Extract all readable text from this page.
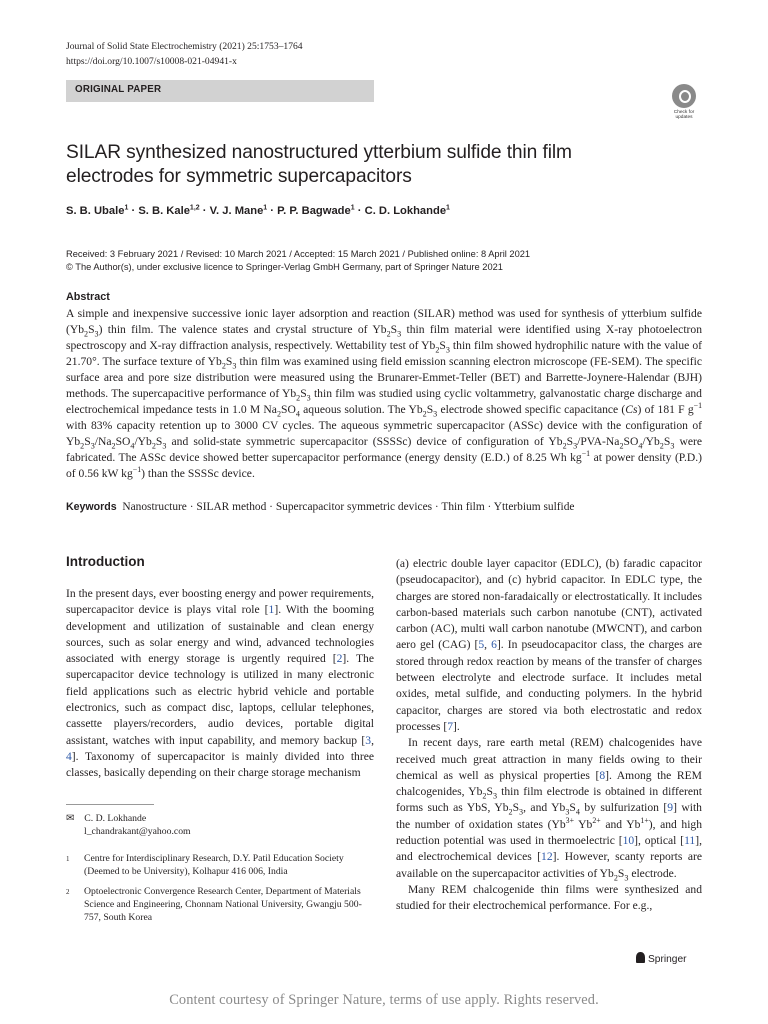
Journal of Solid State Electrochemistry (2021) 25:1753–1764
https://doi.org/10.1007/s10008-021-04941-x
ORIGINAL PAPER
Check for updates
SILAR synthesized nanostructured ytterbium sulfide thin film
electrodes for symmetric supercapacitors
S. B. Ubale$^1$ · S. B. Kale$^{1,2}$ · V. J. Mane$^1$ · P. P. Bagwade$^1$ · C. D. Lokhande$^1$
Received: 3 February 2021 / Revised: 10 March 2021 / Accepted: 15 March 2021 / Published online: 8 April 2021
© The Author(s), under exclusive licence to Springer-Verlag GmbH Germany, part of Springer Nature 2021
Abstract
A simple and inexpensive successive ionic layer adsorption and reaction (SILAR) method was used for synthesis of ytterbium sulfide $(Yb_2S_3)$ thin film. The valence states and crystal structure of $Yb_2S_3$ thin film material were identified using X-ray photoelectron spectroscopy and X-ray diffraction analysis, respectively. Wettability test of $Yb_2S_3$ thin film showed hydrophilic nature with the value of 21.70°. The surface texture of $Yb_2S_3$ thin film was examined using field emission scanning electron microscope (FE-SEM). The specific surface area and pore size distribution were measured using the Brunarer-Emmet-Teller (BET) and Barrette-Joynere-Halendar (BJH) methods. The supercapacitive performance of $Yb_2S_3$ thin film was studied using cyclic voltammetry, galvanostatic charge discharge and electrochemical impedance tests in 1.0 M $Na_2SO_4$ aqueous solution. The $Yb_2S_3$ electrode showed specific capacitance (Cs) of 181 F $g^{-1}$ with 83% capacity retention up to 3000 CV cycles. The aqueous symmetric supercapacitor (ASSc) device with the configuration of $Yb_2S_3/Na_2SO_4/Yb_2S_3$ and solid-state symmetric supercapacitor (SSSSc) device of configuration of $Yb_2S_3/PVA-Na_2SO_4/Yb_2S_3$ were fabricated. The ASSc device showed better supercapacitor performance (energy density (E.D.) of 8.25 Wh $kg^{-1}$ at power density (P.D.) of 0.56 kW $kg^{-1}$) than the SSSSc device.
Keywords Nanostructure · SILAR method · Supercapacitor symmetric devices · Thin film · Ytterbium sulfide
Introduction

In the present days, ever boosting energy and power requirements, supercapacitor device is plays vital role [1]. With the booming development and utilization of sustainable and clean energy sources, such as solar energy and wind, advanced technologies associated with energy storage is urgently required [2]. The supercapacitor device technology is utilized in many electronic field applications such as electric hybrid vehicle and portable electronics, such as compact disc, laptops, cellular telephones, cassette players/recorders, audio devices, portable digital assistant, watches with input capability, and memory backup [3, 4]. Taxonomy of supercapacitor is mainly divided into three classes, basically depending on their charge storage mechanism

(a) electric double layer capacitor (EDLC), (b) faradic capacitor (pseudocapacitor), and (c) hybrid capacitor. In EDLC type, the charges are stored non-faradaically or electrostatically. It includes carbon-based materials such carbon nanotube (CNT), activated carbon (AC), multi wall carbon nanotube (MWCNT), and carbon aero gel (CAG) [5, 6]. In pseudocapacitor class, the charges are stored through redox reaction by means of the transfer of charges between electrolyte and electrode surface. It includes metal oxides, metal sulfide, and conducting polymers. In the hybrid capacitor, charges are stored via both electrostatic and redox processes [7].

In recent days, rare earth metal (REM) chalcogenides have received much great attraction in many fields owing to their chemical as well as physical properties [8]. Among the REM chalcogenides, $Yb_2S_3$ thin film electrode is obtained in different forms such as YbS, $Yb_2S_3$, and $Yb_3S_4$ by sulfurization [9] with the number of oxidation states ($Yb^{3+}$ $Yb^{2+}$ and $Yb^{1+}$), and high reduction potential was used in thermoelectric [10], optical [11], and electrochemical devices [12]. However, scanty reports are available on the supercapacitor activities of $Yb_2S_3$ electrode.

Many REM chalcogenide thin films were synthesized and studied for their electrochemical performance. For e.g.,

✉ C. D. Lokhande
l_chandrakant@yahoo.com
1 Centre for Interdisciplinary Research, D.Y. Patil Education Society (Deemed to be University), Kolhapur 416 006, India
2 Optoelectronic Convergence Research Center, Department of Materials Science and Engineering, Chonnam National University, Gwangju 500-757, South Korea
Springer
Content courtesy of Springer Nature, terms of use apply. Rights reserved.
